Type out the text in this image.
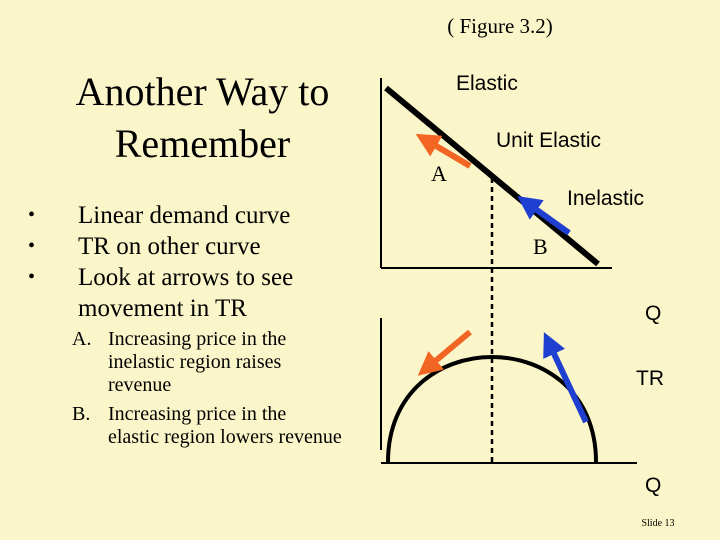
( Figure 3.2)
Another Way to Remember
• Linear demand curve
• TR on other curve
• Look at arrows to see movement in TR
A. Increasing price in the inelastic region raises revenue
B. Increasing price in the elastic region lowers revenue
Elastic
Unit Elastic
A
Inelastic
B
Q
TR
Q
Slide 13
